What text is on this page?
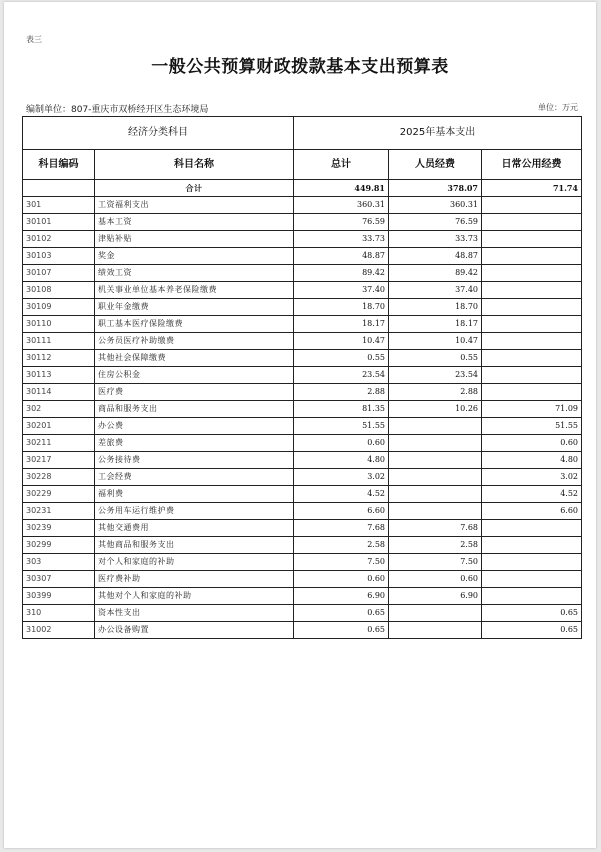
表三
一般公共预算财政拨款基本支出预算表
编制单位：807-重庆市双桥经开区生态环境局	单位：万元
经济分类科目		2025年基本支出		
科目编码	科目名称	总计	人员经费	日常公用经费
	合计	449.81	378.07	71.74
301	工资福利支出	360.31	360.31	
30101	基本工资	76.59	76.59	
30102	津贴补贴	33.73	33.73	
30103	奖金	48.87	48.87	
30107	绩效工资	89.42	89.42	
30108	机关事业单位基本养老保险缴费	37.40	37.40	
30109	职业年金缴费	18.70	18.70	
30110	职工基本医疗保险缴费	18.17	18.17	
30111	公务员医疗补助缴费	10.47	10.47	
30112	其他社会保障缴费	0.55	0.55	
30113	住房公积金	23.54	23.54	
30114	医疗费	2.88	2.88	
302	商品和服务支出	81.35	10.26	71.09
30201	办公费	51.55		51.55
30211	差旅费	0.60		0.60
30217	公务接待费	4.80		4.80
30228	工会经费	3.02		3.02
30229	福利费	4.52		4.52
30231	公务用车运行维护费	6.60		6.60
30239	其他交通费用	7.68	7.68	
30299	其他商品和服务支出	2.58	2.58	
303	对个人和家庭的补助	7.50	7.50	
30307	医疗费补助	0.60	0.60	
30399	其他对个人和家庭的补助	6.90	6.90	
310	资本性支出	0.65		0.65
31002	办公设备购置	0.65		0.65
